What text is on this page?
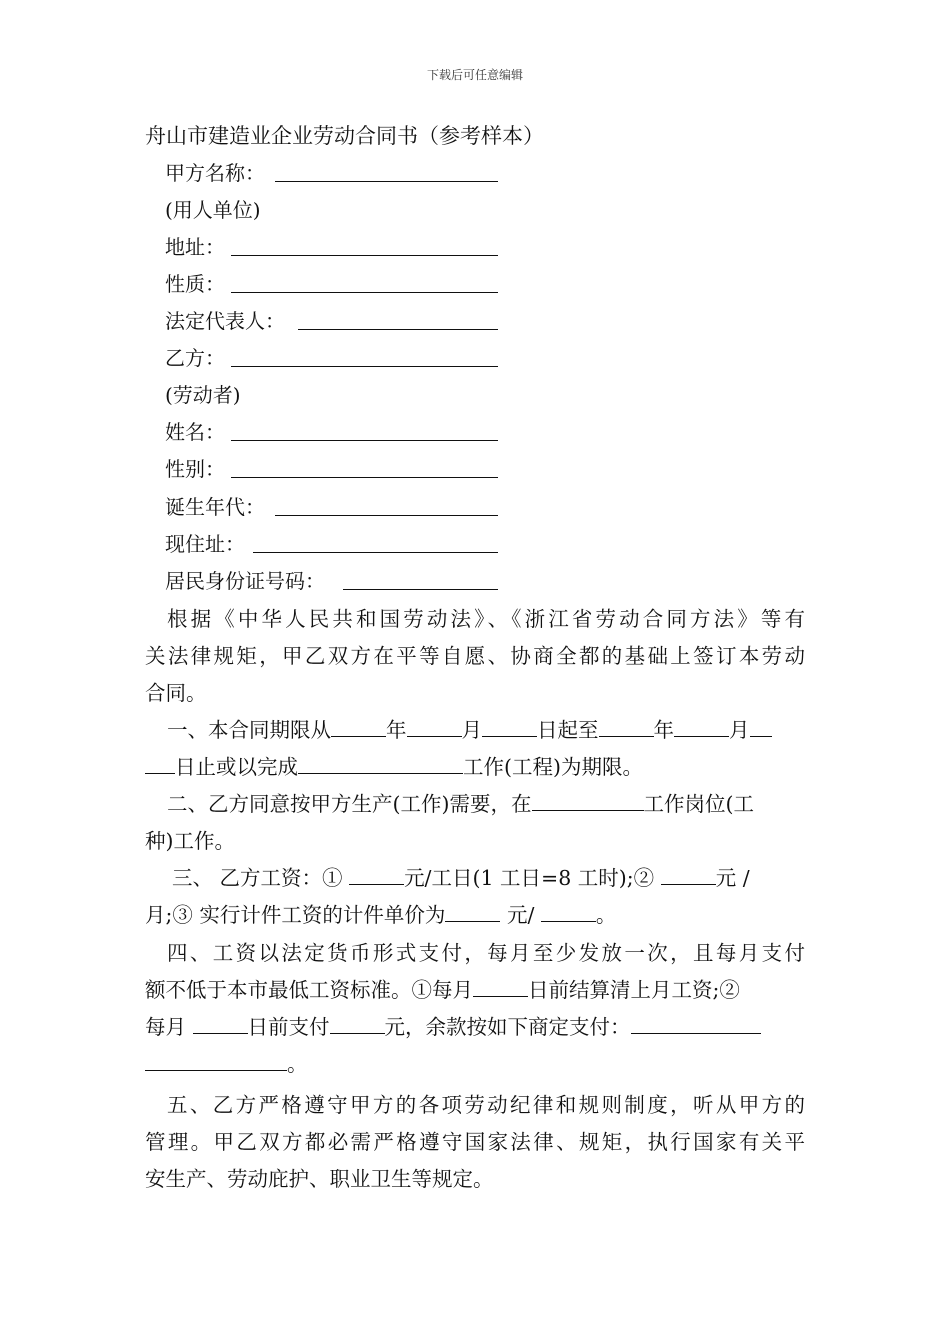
下载后可任意编辑
舟山市建造业企业劳动合同书（参考样本）
甲方名称：
(用人单位)
地址：
性质：
法定代表人：
乙方：
(劳动者)
姓名：
性别：
诞生年代：
现住址：
居民身份证号码：
根据《中华人民共和国劳动法》、《浙江省劳动合同方法》等有
关法律规矩，甲乙双方在平等自愿、协商全都的基础上签订本劳动
合同。
一、本合同期限从	年	月	日起至	年	月
日止或以完成	工作(工程)为期限。
二、乙方同意按甲方生产(工作)需要，在	工作岗位(工
种)工作。
三、 乙方工资：①	元/工日(1 工日=8 工时);②	元 /
月;③ 实行计件工资的计件单价为	元/	。
四、工资以法定货币形式支付，每月至少发放一次，且每月支付
额不低于本市最低工资标准。①每月	日前结算清上月工资;②
每月	日前支付	元，余款按如下商定支付：
。
五、乙方严格遵守甲方的各项劳动纪律和规则制度，听从甲方的
管理。甲乙双方都必需严格遵守国家法律、规矩，执行国家有关平
安生产、劳动庇护、职业卫生等规定。
